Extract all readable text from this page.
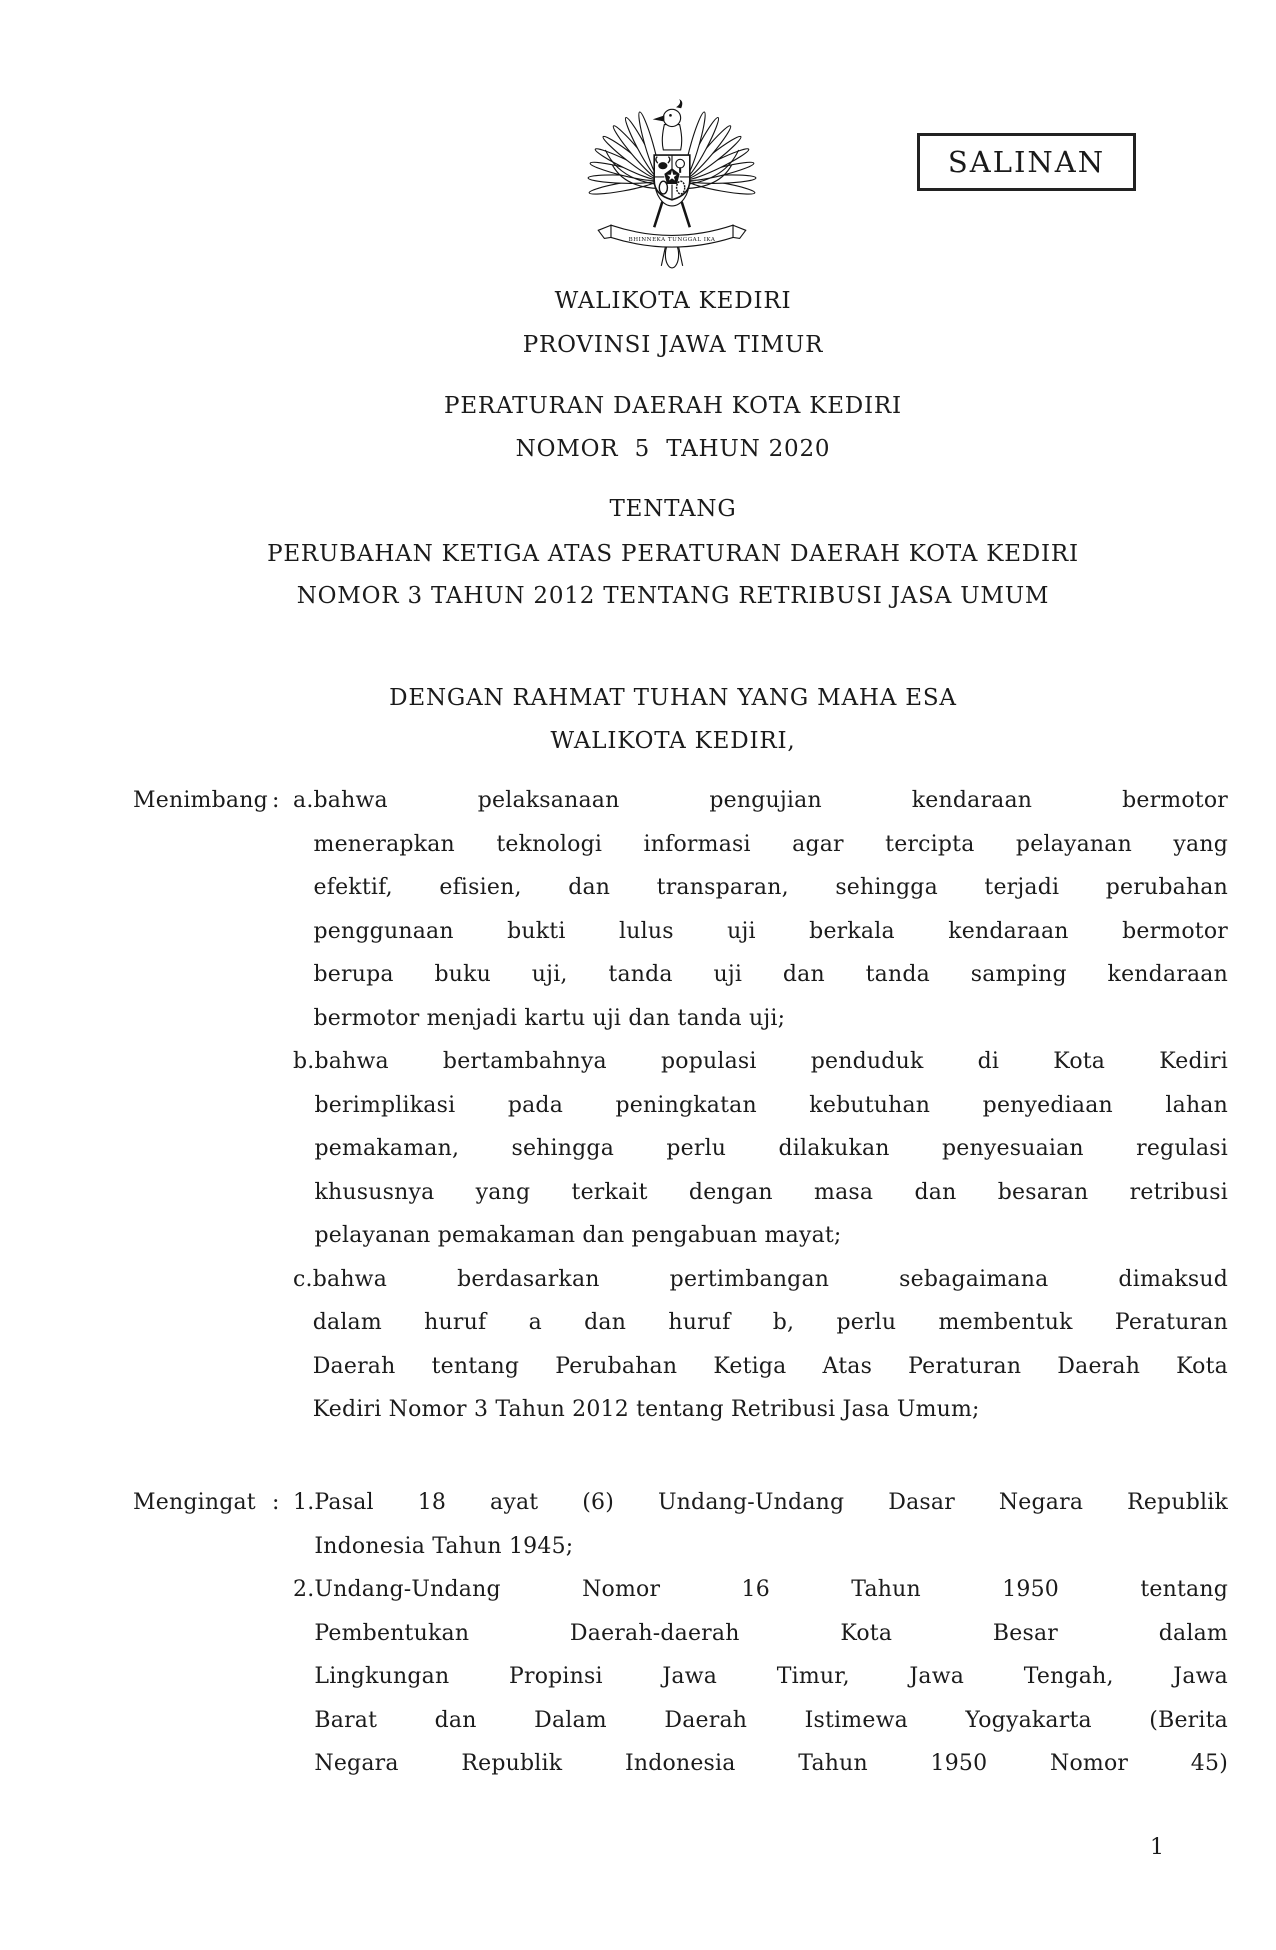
BHINNEKA TUNGGAL IKA
SALINAN
WALIKOTA KEDIRI
PROVINSI JAWA TIMUR
PERATURAN DAERAH KOTA KEDIRI
NOMOR  5  TAHUN 2020
TENTANG
PERUBAHAN KETIGA ATAS PERATURAN DAERAH KOTA KEDIRI
NOMOR 3 TAHUN 2012 TENTANG RETRIBUSI JASA UMUM
DENGAN RAHMAT TUHAN YANG MAHA ESA
WALIKOTA KEDIRI,
Menimbang : a. bahwa pelaksanaan pengujian kendaraan bermotor
menerapkan teknologi informasi agar tercipta pelayanan yang
efektif, efisien, dan transparan, sehingga terjadi perubahan
penggunaan bukti lulus uji berkala kendaraan bermotor
berupa buku uji, tanda uji dan tanda samping kendaraan
bermotor menjadi kartu uji dan tanda uji;
b. bahwa bertambahnya populasi penduduk di Kota Kediri
berimplikasi pada peningkatan kebutuhan penyediaan lahan
pemakaman, sehingga perlu dilakukan penyesuaian regulasi
khususnya yang terkait dengan masa dan besaran retribusi
pelayanan pemakaman dan pengabuan mayat;
c. bahwa berdasarkan pertimbangan sebagaimana dimaksud
dalam huruf a dan huruf b, perlu membentuk Peraturan
Daerah tentang Perubahan Ketiga Atas Peraturan Daerah Kota
Kediri Nomor 3 Tahun 2012 tentang Retribusi Jasa Umum;
Mengingat : 1. Pasal 18 ayat (6) Undang-Undang Dasar Negara Republik
Indonesia Tahun 1945;
2. Undang-Undang Nomor 16 Tahun 1950 tentang
Pembentukan Daerah-daerah Kota Besar dalam
Lingkungan Propinsi Jawa Timur, Jawa Tengah, Jawa
Barat dan Dalam Daerah Istimewa Yogyakarta (Berita
Negara Republik Indonesia Tahun 1950 Nomor 45)
1
